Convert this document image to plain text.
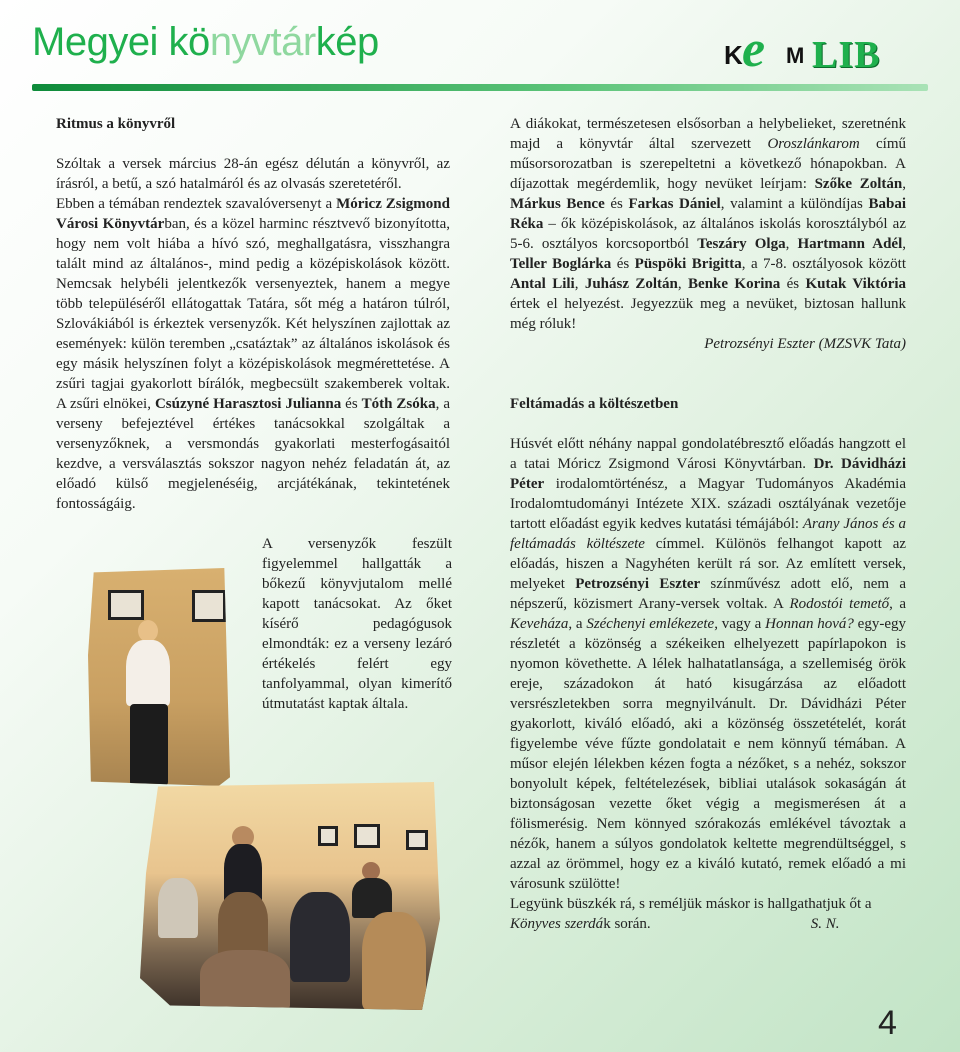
Megyei könyvtárkép	K e M LIB
Ritmus a könyvről

Szóltak a versek március 28-án egész délután a könyvről, az írásról, a betű, a szó hatalmáról és az olvasás szeretetéről.

Ebben a témában rendeztek szavalóversenyt a Móricz Zsigmond Városi Könyvtárban, és a közel harminc résztvevő bizonyította, hogy nem volt hiába a hívó szó, meghallgatásra, visszhangra talált mind az általános-, mind pedig a középiskolások között. Nemcsak helybéli jelentkezők versenyeztek, hanem a megye több településéről ellátogattak Tatára, sőt még a határon túlról, Szlovákiából is érkeztek versenyzők. Két helyszínen zajlottak az események: külön teremben „csatáztak” az általános iskolások és egy másik helyszínen folyt a középiskolások megmérettetése. A zsűri tagjai gyakorlott bírálók, megbecsült szakemberek voltak. A zsűri elnökei, Csúzyné Harasztosi Julianna és Tóth Zsóka, a verseny befejeztével értékes tanácsokkal szolgáltak a versenyzőknek, a versmondás gyakorlati mesterfogásaitól kezdve, a versválasztás sokszor nagyon nehéz feladatán át, az előadó külső megjelenéséig, arcjátékának, tekintetének fontosságáig.

A versenyzők feszült figyelemmel hallgatták a bőkezű könyvjutalom mellé kapott tanácsokat. Az őket kísérő pedagógusok elmondták: ez a verseny lezáró értékelés felért egy tanfolyammal, olyan kimerítő útmutatást kaptak általa.

A diákokat, természetesen elsősorban a helybelieket, szeretnénk majd a könyvtár által szervezett Oroszlánkarom című műsorsorozatban is szerepeltetni a következő hónapokban. A díjazottak megérdemlik, hogy nevüket leírjam: Szőke Zoltán, Márkus Bence és Farkas Dániel, valamint a különdíjas Babai Réka – ők középiskolások, az általános iskolás korosztályból az 5-6. osztályos korcsoportból Teszáry Olga, Hartmann Adél, Teller Boglárka és Püspöki Brigitta, a 7-8. osztályosok között Antal Lili, Juhász Zoltán, Benke Korina és Kutak Viktória értek el helyezést. Jegyezzük meg a nevüket, biztosan hallunk még róluk!

Petrozsényi Eszter (MZSVK Tata)

Feltámadás a költészetben

Húsvét előtt néhány nappal gondolatébresztő előadás hangzott el a tatai Móricz Zsigmond Városi Könyvtárban. Dr. Dávidházi Péter irodalomtörténész, a Magyar Tudományos Akadémia Irodalomtudományi Intézete XIX. századi osztályának vezetője tartott előadást egyik kedves kutatási témájából: Arany János és a feltámadás költészete címmel. Különös felhangot kapott az előadás, hiszen a Nagyhéten került rá sor. Az említett versek, melyeket Petrozsényi Eszter színművész adott elő, nem a népszerű, közismert Arany-versek voltak. A Rodostói temető, a Keveháza, a Széchenyi emlékezete, vagy a Honnan hová? egy-egy részletét a közönség a székeiken elhelyezett papírlapokon is nyomon követhette. A lélek halhatatlansága, a szellemiség örök ereje, századokon át ható kisugárzása az előadott versrészletekben sorra megnyilvánult. Dr. Dávidházi Péter gyakorlott, kiváló előadó, aki a közönség összetételét, korát figyelembe véve fűzte gondolatait e nem könnyű témában. A műsor elején lélekben kézen fogta a nézőket, s a nehéz, sokszor bonyolult képek, feltételezések, bibliai utalások sokaságán át biztonságosan vezette őket végig a megismerésen át a fölismerésig. Nem könnyed szórakozás emlékével távoztak a nézők, hanem a súlyos gondolatok keltette megrendültséggel, s azzal az örömmel, hogy ez a kiváló kutató, remek előadó a mi városunk szülötte!

Legyünk büszkék rá, s reméljük máskor is hallgathatjuk őt a Könyves szerdák során.	S. N.

4
